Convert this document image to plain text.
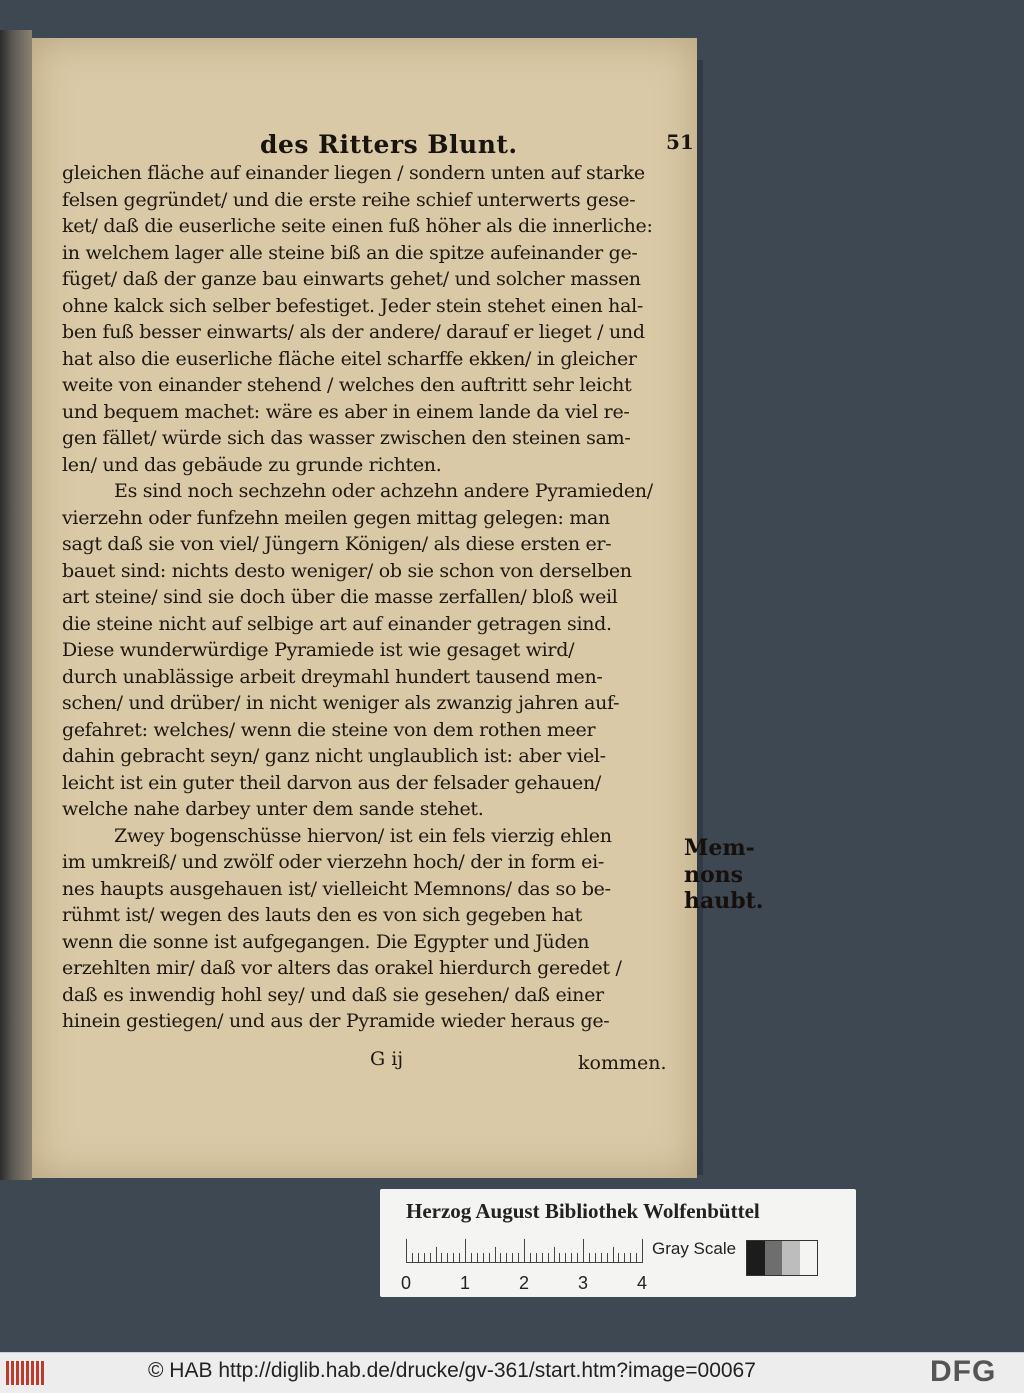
des Ritters Blunt.	51
gleichen fläche auf einander liegen / sondern unten auf starke
felsen gegründet/ und die erste reihe schief unterwerts gese-
ket/ daß die euserliche seite einen fuß höher als die innerliche:
in welchem lager alle steine biß an die spitze aufeinander ge-
füget/ daß der ganze bau einwarts gehet/ und solcher massen
ohne kalck sich selber befestiget. Jeder stein stehet einen hal-
ben fuß besser einwarts/ als der andere/ darauf er lieget / und
hat also die euserliche fläche eitel scharffe ekken/ in gleicher
weite von einander stehend / welches den auftritt sehr leicht
und bequem machet: wäre es aber in einem lande da viel re-
gen fället/ würde sich das wasser zwischen den steinen sam-
len/ und das gebäude zu grunde richten.
Es sind noch sechzehn oder achzehn andere Pyramieden/
vierzehn oder funfzehn meilen gegen mittag gelegen: man
sagt daß sie von viel/ Jüngern Königen/ als diese ersten er-
bauet sind: nichts desto weniger/ ob sie schon von derselben
art steine/ sind sie doch über die masse zerfallen/ bloß weil
die steine nicht auf selbige art auf einander getragen sind.
Diese wunderwürdige Pyramiede ist wie gesaget wird/
durch unablässige arbeit dreymahl hundert tausend men-
schen/ und drüber/ in nicht weniger als zwanzig jahren auf-
gefahret: welches/ wenn die steine von dem rothen meer
dahin gebracht seyn/ ganz nicht unglaublich ist: aber viel-
leicht ist ein guter theil darvon aus der felsader gehauen/
welche nahe darbey unter dem sande stehet.
Zwey bogenschüsse hiervon/ ist ein fels vierzig ehlen
im umkreiß/ und zwölf oder vierzehn hoch/ der in form ei-
nes haupts ausgehauen ist/ vielleicht Memnons/ das so be-
rühmt ist/ wegen des lauts den es von sich gegeben hat
wenn die sonne ist aufgegangen. Die Egypter und Jüden
erzehlten mir/ daß vor alters das orakel hierdurch geredet /
daß es inwendig hohl sey/ und daß sie gesehen/ daß einer
hinein gestiegen/ und aus der Pyramide wieder heraus ge-
Mem-
nons
haubt.
G ij	kommen.
Herzog August Bibliothek Wolfenbüttel
0	1	2	3	4
Gray Scale
© HAB http://diglib.hab.de/drucke/gv-361/start.htm?image=00067	DFG
